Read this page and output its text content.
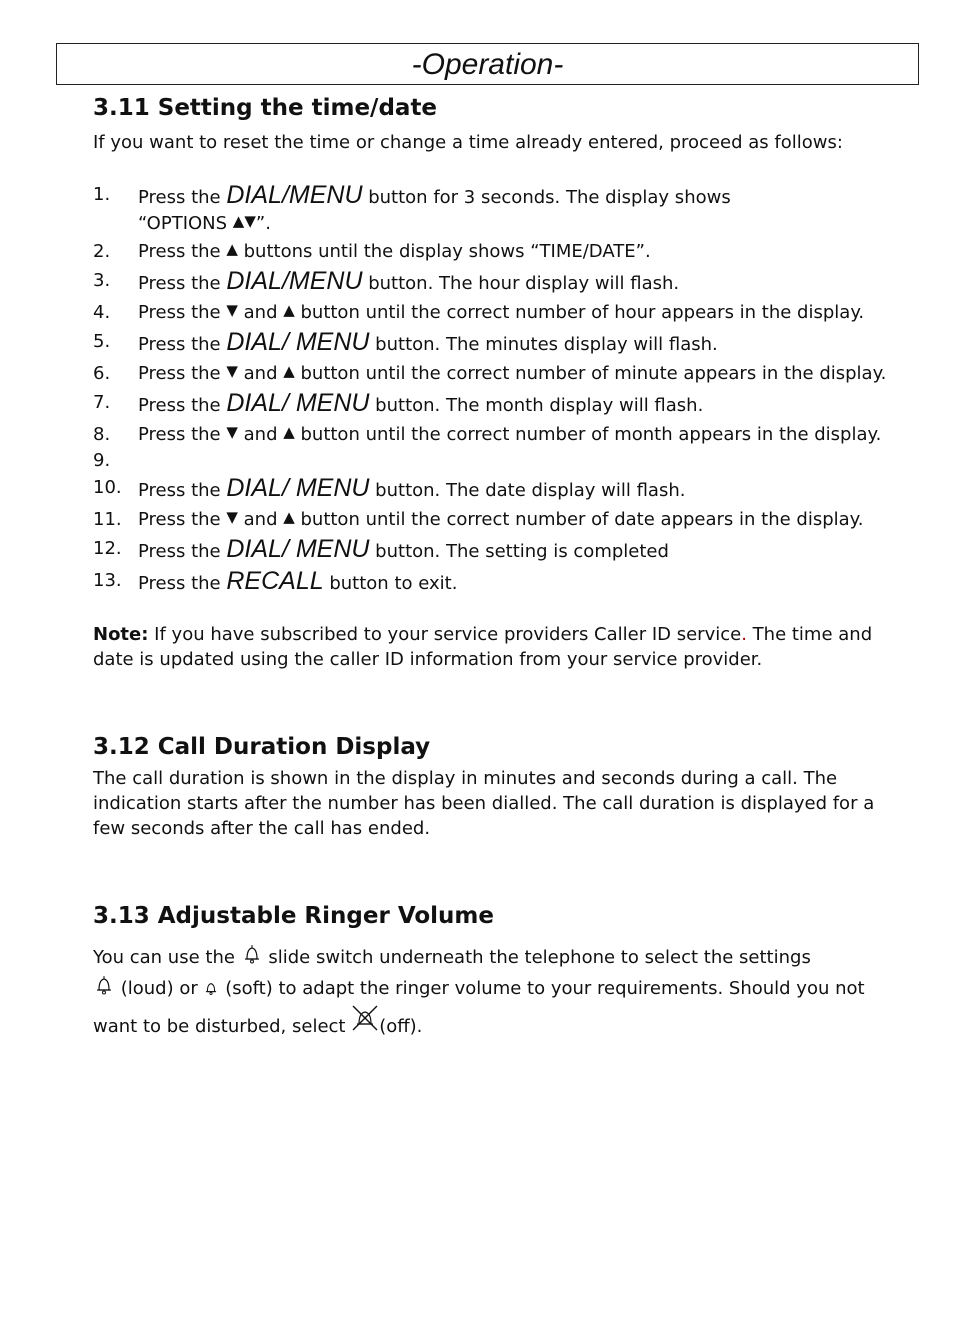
-Operation-
3.11 Setting the time/date

If you want to reset the time or change a time already entered, proceed as follows:

1. Press the DIAL/MENU button for 3 seconds. The display shows
“OPTIONS ▲▼”.
2. Press the ▲ buttons until the display shows “TIME/DATE”.
3. Press the DIAL/MENU button. The hour display will flash.
4. Press the ▼ and ▲ button until the correct number of hour appears in the display.
5. Press the DIAL/ MENU button. The minutes display will flash.
6. Press the ▼ and ▲ button until the correct number of minute appears in the display.
7. Press the DIAL/ MENU button. The month display will flash.
8. Press the ▼ and ▲ button until the correct number of month appears in the display.
9.
10. Press the DIAL/ MENU button. The date display will flash.
11. Press the ▼ and ▲ button until the correct number of date appears in the display.
12. Press the DIAL/ MENU button. The setting is completed
13. Press the RECALL button to exit.

Note: If you have subscribed to your service providers Caller ID service. The time and date is updated using the caller ID information from your service provider.

3.12 Call Duration Display

The call duration is shown in the display in minutes and seconds during a call. The indication starts after the number has been dialled. The call duration is displayed for a few seconds after the call has ended.

3.13 Adjustable Ringer Volume

You can use the  slide switch underneath the telephone to select the settings
(loud) or  (soft) to adapt the ringer volume to your requirements. Should you not want to be disturbed, select (off).
